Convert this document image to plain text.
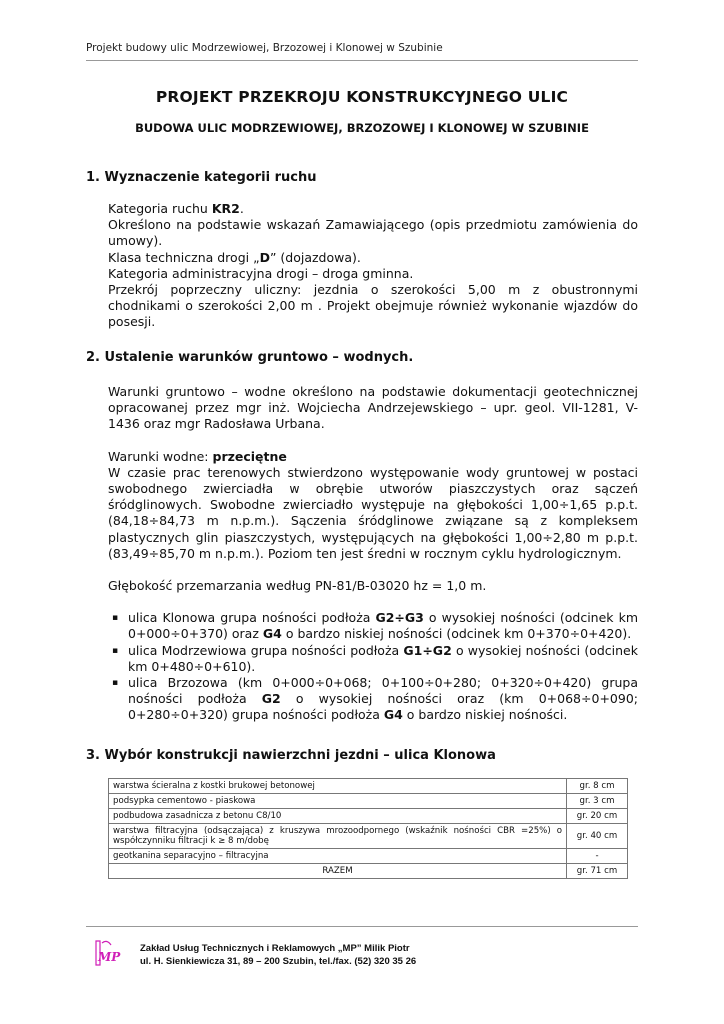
Projekt budowy ulic Modrzewiowej, Brzozowej i Klonowej w Szubinie
PROJEKT PRZEKROJU KONSTRUKCYJNEGO ULIC
BUDOWA ULIC MODRZEWIOWEJ, BRZOZOWEJ I KLONOWEJ W SZUBINIE
1. Wyznaczenie kategorii ruchu

Kategoria ruchu KR2.

Określono na podstawie wskazań Zamawiającego (opis przedmiotu zamówienia do umowy).

Klasa techniczna drogi „D” (dojazdowa).

Kategoria administracyjna drogi – droga gminna.

Przekrój poprzeczny uliczny: jezdnia o szerokości 5,00 m z obustronnymi chodnikami o szerokości 2,00 m . Projekt obejmuje również wykonanie wjazdów do posesji.

2. Ustalenie warunków gruntowo – wodnych.

Warunki gruntowo – wodne określono na podstawie dokumentacji geotechnicznej opracowanej przez mgr inż. Wojciecha Andrzejewskiego – upr. geol. VII-1281, V-1436 oraz mgr Radosława Urbana.

Warunki wodne: przeciętne

W czasie prac terenowych stwierdzono występowanie wody gruntowej w postaci swobodnego zwierciadła w obrębie utworów piaszczystych oraz sączeń śródglinowych. Swobodne zwierciadło występuje na głębokości 1,00÷1,65 p.p.t. (84,18÷84,73 m n.p.m.). Sączenia śródglinowe związane są z kompleksem plastycznych glin piaszczystych, występujących na głębokości 1,00÷2,80 m p.p.t. (83,49÷85,70 m n.p.m.). Poziom ten jest średni w rocznym cyklu hydrologicznym.

Głębokość przemarzania według PN-81/B-03020 hz = 1,0 m.

▪ ulica Klonowa grupa nośności podłoża G2÷G3 o wysokiej nośności (odcinek km 0+000÷0+370) oraz G4 o bardzo niskiej nośności (odcinek km 0+370÷0+420).
▪ ulica Modrzewiowa grupa nośności podłoża G1÷G2 o wysokiej nośności (odcinek km 0+480÷0+610).
▪ ulica Brzozowa (km 0+000÷0+068; 0+100÷0+280; 0+320÷0+420) grupa nośności podłoża G2 o wysokiej nośności oraz (km 0+068÷0+090; 0+280÷0+320) grupa nośności podłoża G4 o bardzo niskiej nośności.
3. Wybór konstrukcji nawierzchni jezdni – ulica Klonowa
warstwa ścieralna z kostki brukowej betonowej	gr. 8 cm
podsypka cementowo - piaskowa	gr. 3 cm
podbudowa zasadnicza z betonu C8/10	gr. 20 cm
warstwa filtracyjna (odsączająca) z kruszywa mrozoodpornego (wskaźnik nośności CBR =25%) o współczynniku filtracji k ≥ 8 m/dobę	gr. 40 cm
geotkanina separacyjno – filtracyjna	-
RAZEM	gr. 71 cm
MP
Zakład Usług Technicznych i Reklamowych „MP” Milik Piotr
ul. H. Sienkiewicza 31, 89 – 200 Szubin, tel./fax. (52) 320 35 26
